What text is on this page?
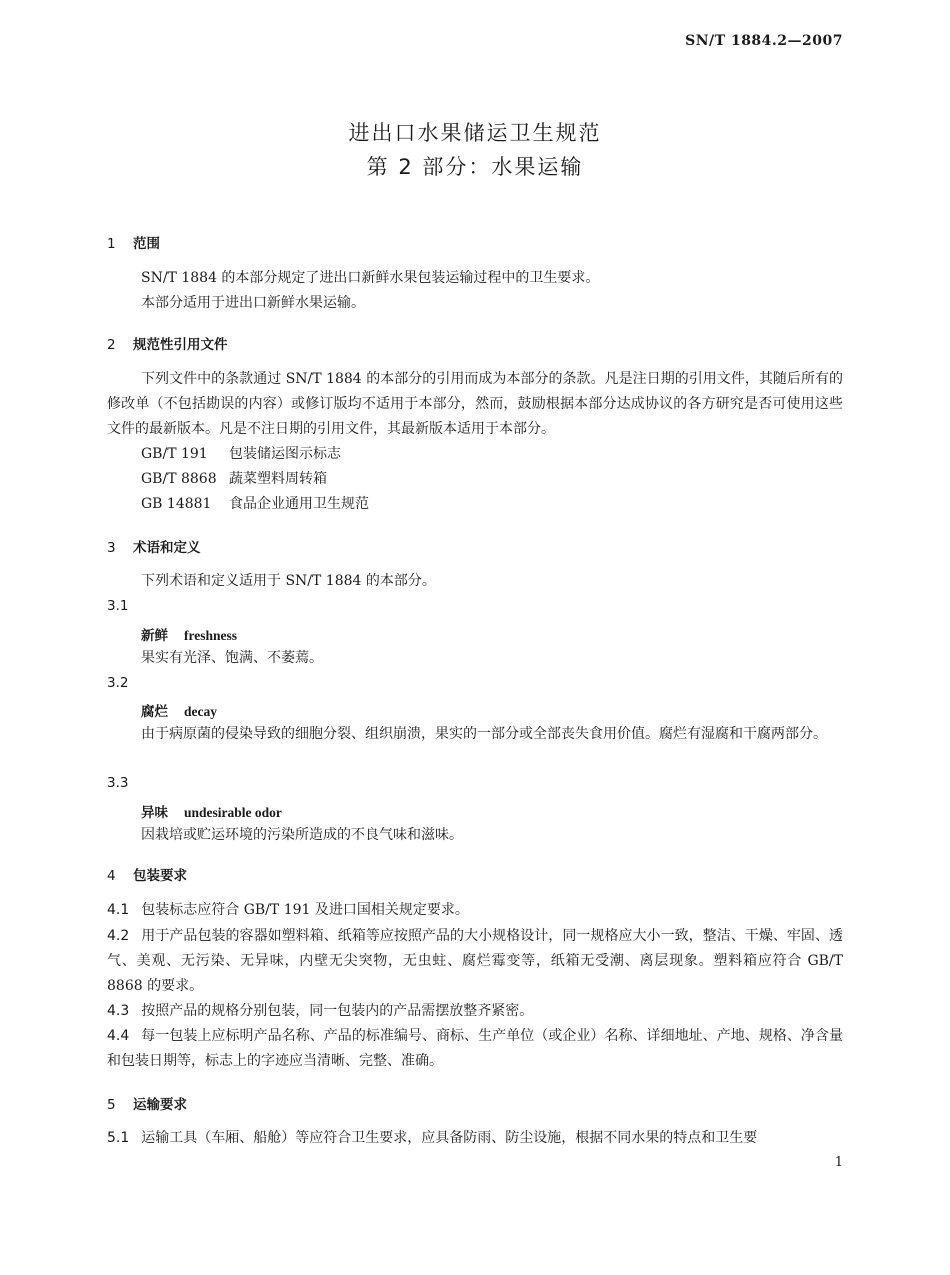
SN/T 1884.2—2007
进出口水果储运卫生规范
第 2 部分：水果运输
1 范围
SN/T 1884 的本部分规定了进出口新鲜水果包装运输过程中的卫生要求。
本部分适用于进出口新鲜水果运输。
2 规范性引用文件
下列文件中的条款通过 SN/T 1884 的本部分的引用而成为本部分的条款。凡是注日期的引用文件，其随后所有的修改单（不包括勘误的内容）或修订版均不适用于本部分，然而，鼓励根据本部分达成协议的各方研究是否可使用这些文件的最新版本。凡是不注日期的引用文件，其最新版本适用于本部分。
GB/T 191 包装储运图示标志
GB/T 8868 蔬菜塑料周转箱
GB 14881 食品企业通用卫生规范
3 术语和定义
下列术语和定义适用于 SN/T 1884 的本部分。
3.1
新鲜 freshness
果实有光泽、饱满、不萎蔫。
3.2
腐烂 decay
由于病原菌的侵染导致的细胞分裂、组织崩溃，果实的一部分或全部丧失食用价值。腐烂有湿腐和干腐两部分。
3.3
异味 undesirable odor
因栽培或贮运环境的污染所造成的不良气味和滋味。
4 包装要求
4.1 包装标志应符合 GB/T 191 及进口国相关规定要求。
4.2 用于产品包装的容器如塑料箱、纸箱等应按照产品的大小规格设计，同一规格应大小一致，整洁、干燥、牢固、透气、美观、无污染、无异味，内壁无尖突物，无虫蛀、腐烂霉变等，纸箱无受潮、离层现象。塑料箱应符合 GB/T 8868 的要求。
4.3 按照产品的规格分别包装，同一包装内的产品需摆放整齐紧密。
4.4 每一包装上应标明产品名称、产品的标准编号、商标、生产单位（或企业）名称、详细地址、产地、规格、净含量和包装日期等，标志上的字迹应当清晰、完整、准确。
5 运输要求
5.1 运输工具（车厢、船舱）等应符合卫生要求，应具备防雨、防尘设施，根据不同水果的特点和卫生要
1
